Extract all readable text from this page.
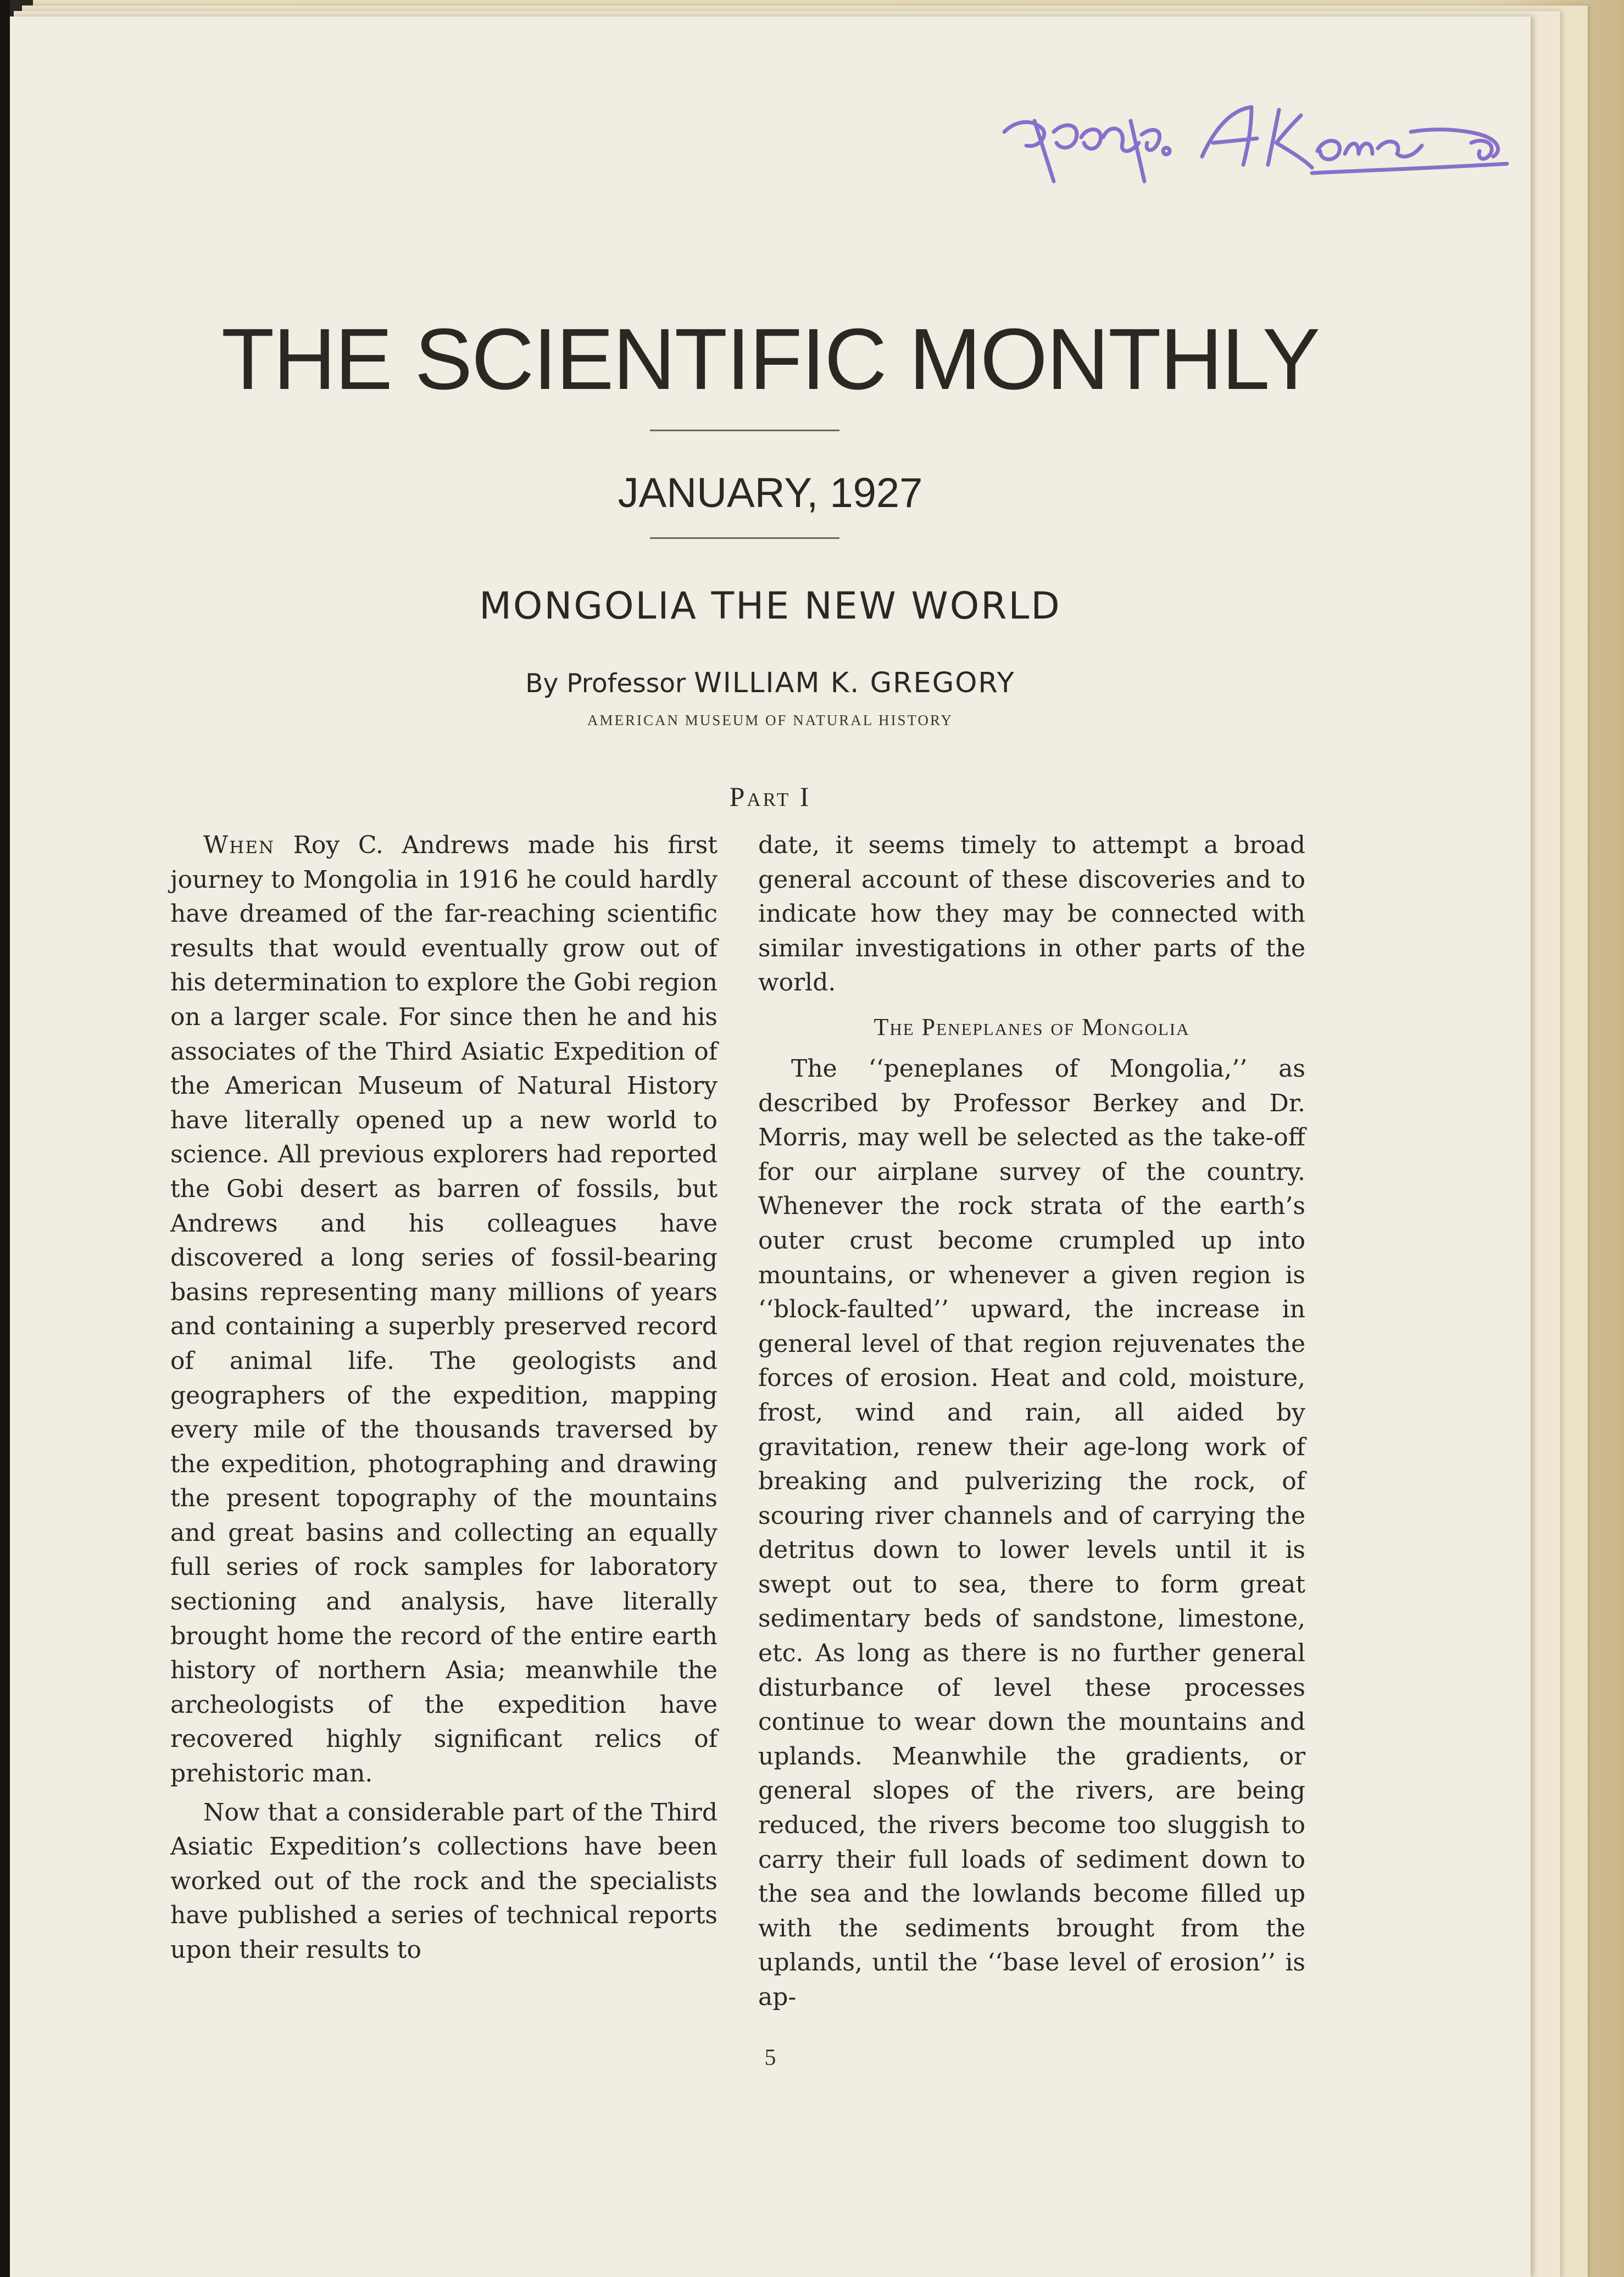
THE SCIENTIFIC MONTHLY
JANUARY, 1927
MONGOLIA THE NEW WORLD
By Professor WILLIAM K. GREGORY
AMERICAN MUSEUM OF NATURAL HISTORY
Part I

When Roy C. Andrews made his first journey to Mongolia in 1916 he could hardly have dreamed of the far-reaching scientific results that would eventually grow out of his determination to explore the Gobi region on a larger scale. For since then he and his associates of the Third Asiatic Expedition of the American Museum of Natural History have literally opened up a new world to science. All previous explorers had reported the Gobi desert as barren of fossils, but Andrews and his colleagues have discovered a long series of fossil-bearing basins representing many millions of years and containing a superbly preserved record of animal life. The geologists and geographers of the expedition, mapping every mile of the thousands traversed by the expedition, photographing and drawing the present topography of the mountains and great basins and collecting an equally full series of rock samples for laboratory sectioning and analysis, have literally brought home the record of the entire earth history of northern Asia; meanwhile the archeologists of the expedition have recovered highly significant relics of prehistoric man.

Now that a considerable part of the Third Asiatic Expedition’s collections have been worked out of the rock and the specialists have published a series of technical reports upon their results to

date, it seems timely to attempt a broad general account of these discoveries and to indicate how they may be connected with similar investigations in other parts of the world.

The Peneplanes of Mongolia

The ‘‘peneplanes of Mongolia,’’ as described by Professor Berkey and Dr. Morris, may well be selected as the take-off for our airplane survey of the country. Whenever the rock strata of the earth’s outer crust become crumpled up into mountains, or whenever a given region is ‘‘block-faulted’’ upward, the increase in general level of that region rejuvenates the forces of erosion. Heat and cold, moisture, frost, wind and rain, all aided by gravitation, renew their age-long work of breaking and pulverizing the rock, of scouring river channels and of carrying the detritus down to lower levels until it is swept out to sea, there to form great sedimentary beds of sandstone, limestone, etc. As long as there is no further general disturbance of level these processes continue to wear down the mountains and uplands. Meanwhile the gradients, or general slopes of the rivers, are being reduced, the rivers become too sluggish to carry their full loads of sediment down to the sea and the lowlands become filled up with the sediments brought from the uplands, until the ‘‘base level of erosion’’ is ap-

5
